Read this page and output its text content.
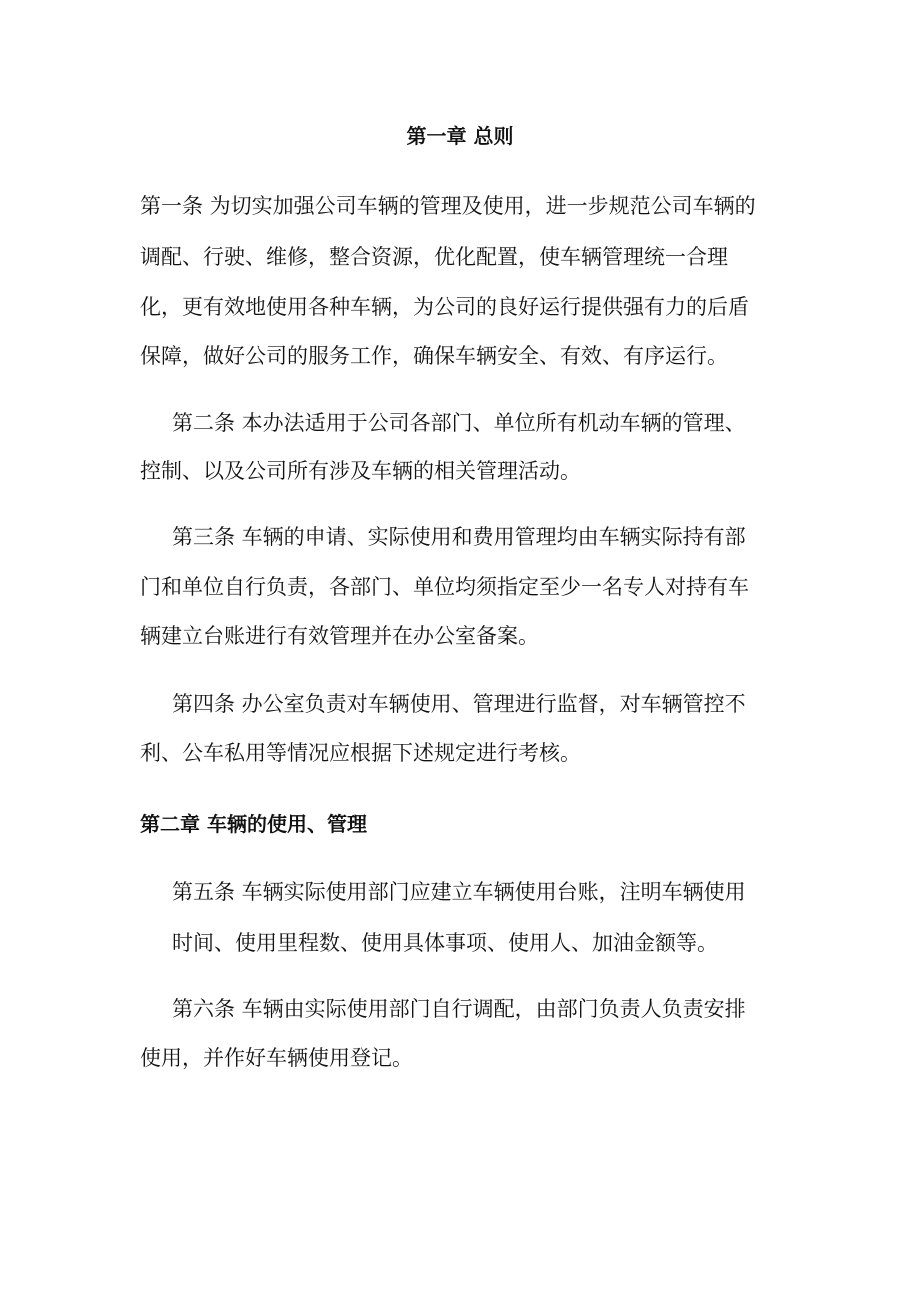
第一章 总则

第一条 为切实加强公司车辆的管理及使用，进一步规范公司车辆的

调配、行驶、维修，整合资源，优化配置，使车辆管理统一合理

化，更有效地使用各种车辆，为公司的良好运行提供强有力的后盾

保障，做好公司的服务工作，确保车辆安全、有效、有序运行。

第二条 本办法适用于公司各部门、单位所有机动车辆的管理、

控制、以及公司所有涉及车辆的相关管理活动。

第三条 车辆的申请、实际使用和费用管理均由车辆实际持有部

门和单位自行负责，各部门、单位均须指定至少一名专人对持有车

辆建立台账进行有效管理并在办公室备案。

第四条 办公室负责对车辆使用、管理进行监督，对车辆管控不

利、公车私用等情况应根据下述规定进行考核。

第二章 车辆的使用、管理

第五条 车辆实际使用部门应建立车辆使用台账，注明车辆使用

时间、使用里程数、使用具体事项、使用人、加油金额等。

第六条 车辆由实际使用部门自行调配，由部门负责人负责安排

使用，并作好车辆使用登记。
